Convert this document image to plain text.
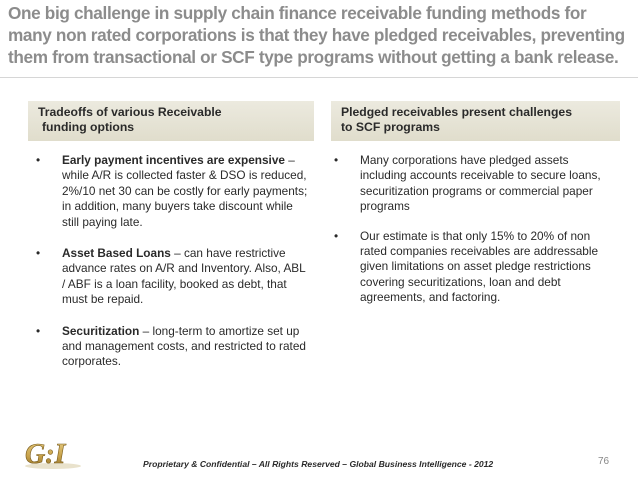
One big challenge in supply chain finance receivable funding methods for many non rated corporations is that they have pledged receivables, preventing them from transactional or SCF type programs without getting a bank release.
Tradeoffs of various Receivable
funding options
Pledged receivables present challenges
to SCF programs
• Early payment incentives are expensive – while A/R is collected faster & DSO is reduced, 2%/10 net 30 can be costly for early payments; in addition, many buyers take discount while still paying late.
• Asset Based Loans – can have restrictive advance rates on A/R and Inventory. Also, ABL / ABF is a loan facility, booked as debt, that must be repaid.
• Securitization – long-term to amortize set up and management costs, and restricted to rated corporates.
• Many corporations have pledged assets including accounts receivable to secure loans, securitization programs or commercial paper programs
• Our estimate is that only 15% to 20% of non rated companies receivables are addressable given limitations on asset pledge restrictions covering securitizations, loan and debt agreements, and factoring.
G:I	Proprietary & Confidential – All Rights Reserved – Global Business Intelligence - 2012	76
